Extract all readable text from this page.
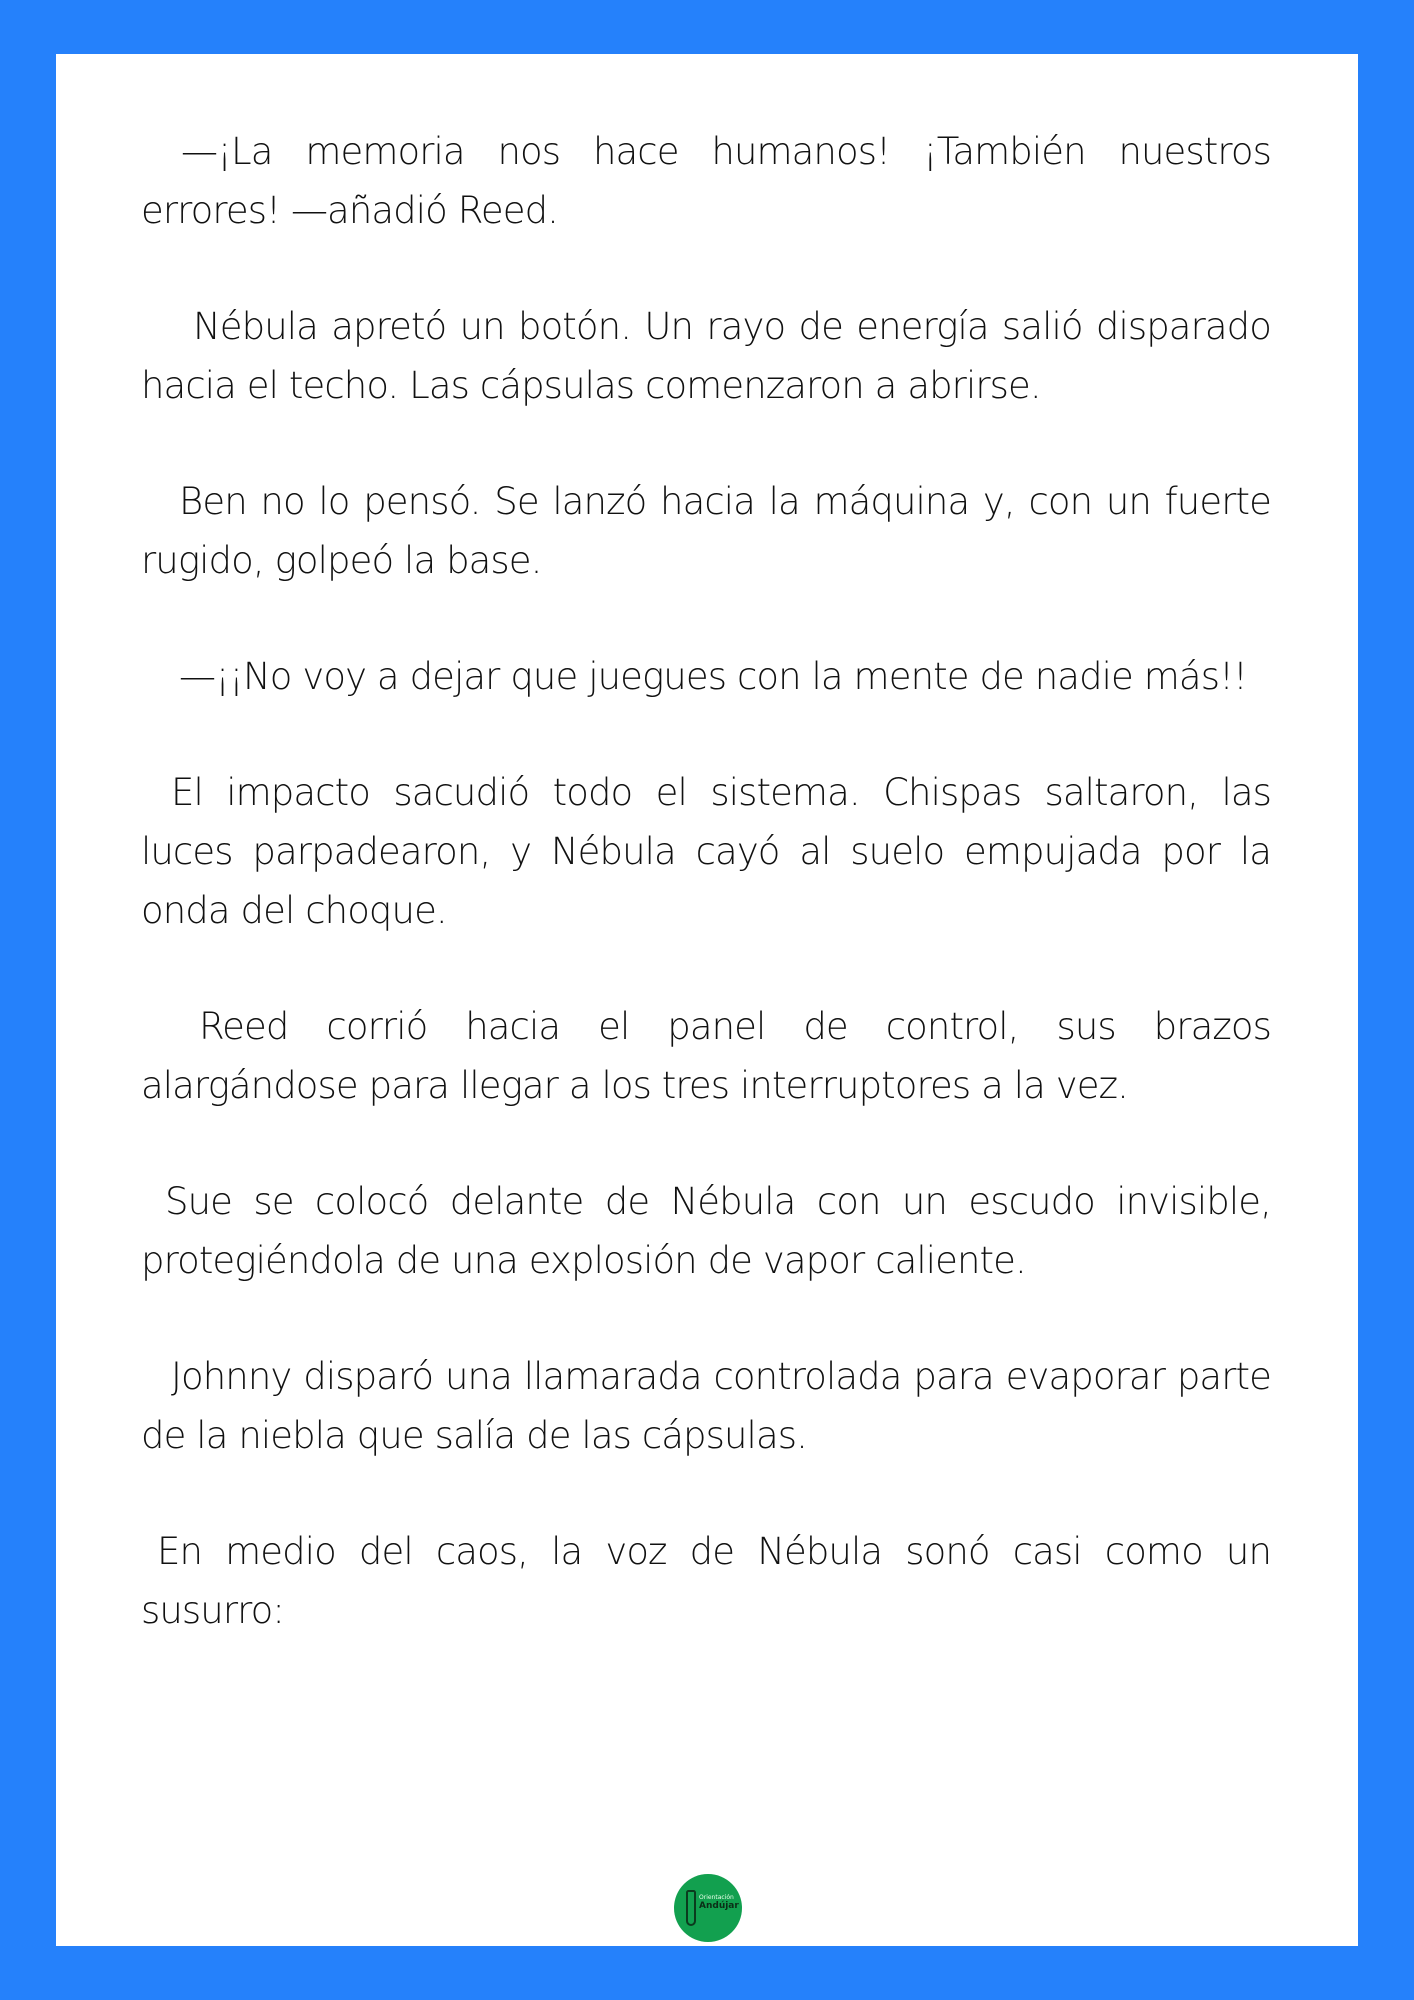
—¡La memoria nos hace humanos! ¡También nuestros errores! —añadió Reed.

Nébula apretó un botón. Un rayo de energía salió disparado hacia el techo. Las cápsulas comenzaron a abrirse.

Ben no lo pensó. Se lanzó hacia la máquina y, con un fuerte rugido, golpeó la base.

—¡¡No voy a dejar que juegues con la mente de nadie más!!

El impacto sacudió todo el sistema. Chispas saltaron, las luces parpadearon, y Nébula cayó al suelo empujada por la onda del choque.

Reed corrió hacia el panel de control, sus brazos alargándose para llegar a los tres interruptores a la vez.

Sue se colocó delante de Nébula con un escudo invisible, protegiéndola de una explosión de vapor caliente.

Johnny disparó una llamarada controlada para evaporar parte de la niebla que salía de las cápsulas.

En medio del caos, la voz de Nébula sonó casi como un susurro:

Orientación
Andújar
